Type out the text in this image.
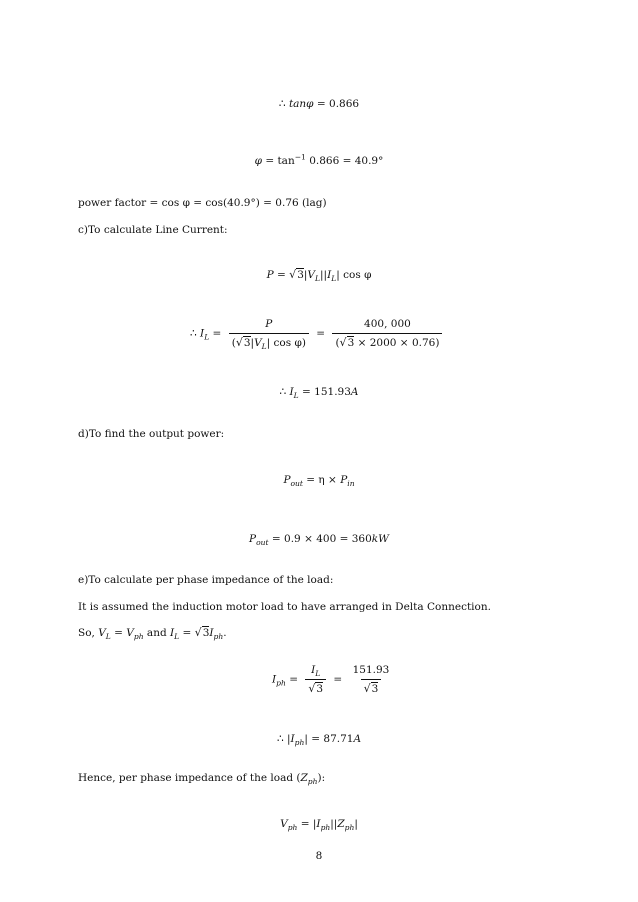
∴ tanφ = 0.866
$\varphi = \tan^{-1} 0.866 = 40.9^\circ$
power factor = cos φ = cos(40.9°) = 0.76 (lag)
c)To calculate Line Current:
$P = √3|V_L||I_L|$ cos φ
∴ $I_L = \frac{P}{(√3|V_L| \cos \varphi)} = \frac{400, 000}{(√3 \times 2000 \times 0.76)}$
∴ $I_L = 151.93A$
d)To find the output power:
$P_{out} = \eta \times P_{in}$
$P_{out} = 0.9 \times 400 = 360kW$
e)To calculate per phase impedance of the load:
It is assumed the induction motor load to have arranged in Delta Connection.
So, $V_L = V_{ph}$ and $I_L = √3I_{ph}$.
$I_{ph} = \frac{I_L}{√3} = \frac{151.93}{√3}$
∴ $|I_{ph}| = 87.71A$
Hence, per phase impedance of the load $(Z_{ph})$:
$V_{ph} = |I_{ph}||Z_{ph}|$
8
